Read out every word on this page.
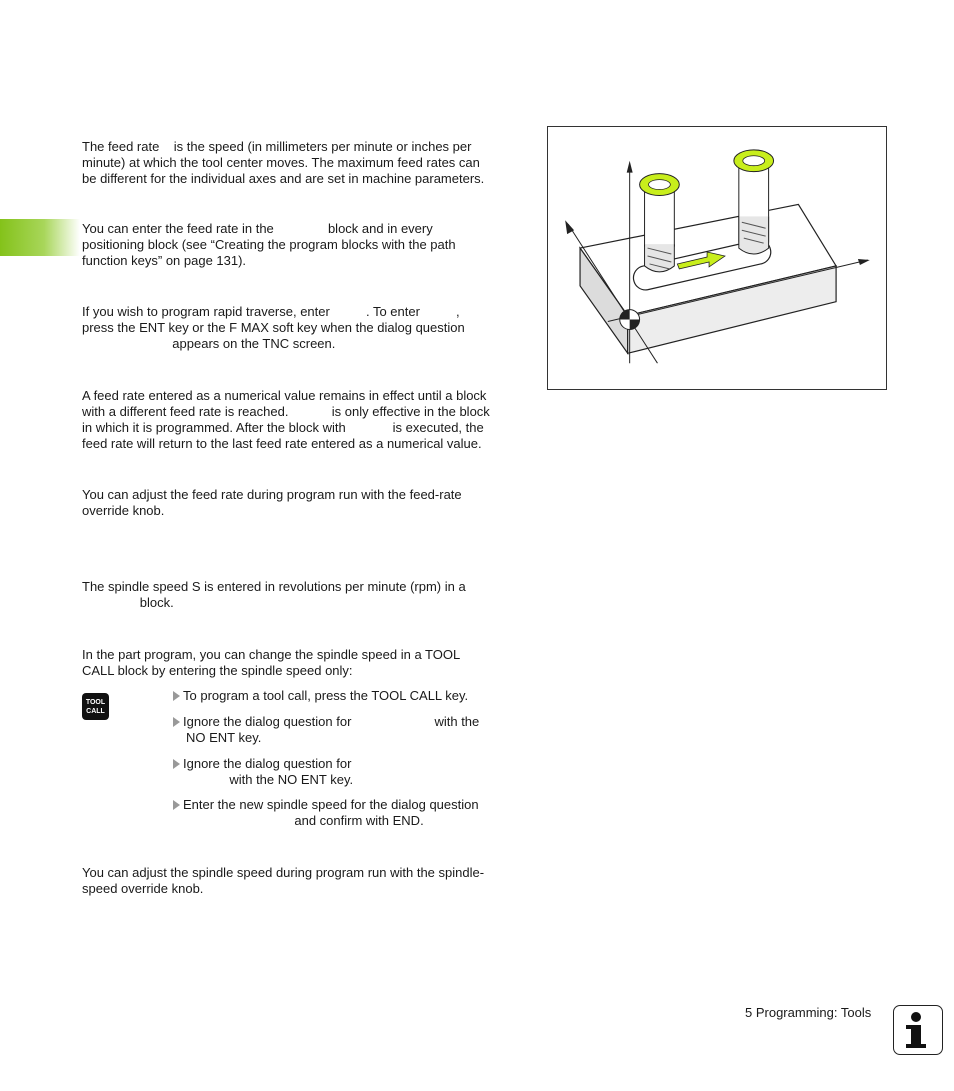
The feed rate    is the speed (in millimeters per minute or inches per
minute) at which the tool center moves. The maximum feed rates can
be different for the individual axes and are set in machine parameters.

You can enter the feed rate in the               block and in every
positioning block (see “Creating the program blocks with the path
function keys” on page 131).

If you wish to program rapid traverse, enter          . To enter          ,
press the ENT key or the F MAX soft key when the dialog question
appears on the TNC screen.

A feed rate entered as a numerical value remains in effect until a block
with a different feed rate is reached.            is only effective in the block
in which it is programmed. After the block with             is executed, the
feed rate will return to the last feed rate entered as a numerical value.

You can adjust the feed rate during program run with the feed-rate
override knob.

The spindle speed S is entered in revolutions per minute (rpm) in a
block.

In the part program, you can change the spindle speed in a TOOL
CALL block by entering the spindle speed only:

TOOL
CALL
To program a tool call, press the TOOL CALL key.
Ignore the dialog question for                       with the
NO ENT key.
Ignore the dialog question for
with the NO ENT key.
Enter the new spindle speed for the dialog question
and confirm with END.

You can adjust the spindle speed during program run with the spindle-
speed override knob.

5 Programming: Tools
